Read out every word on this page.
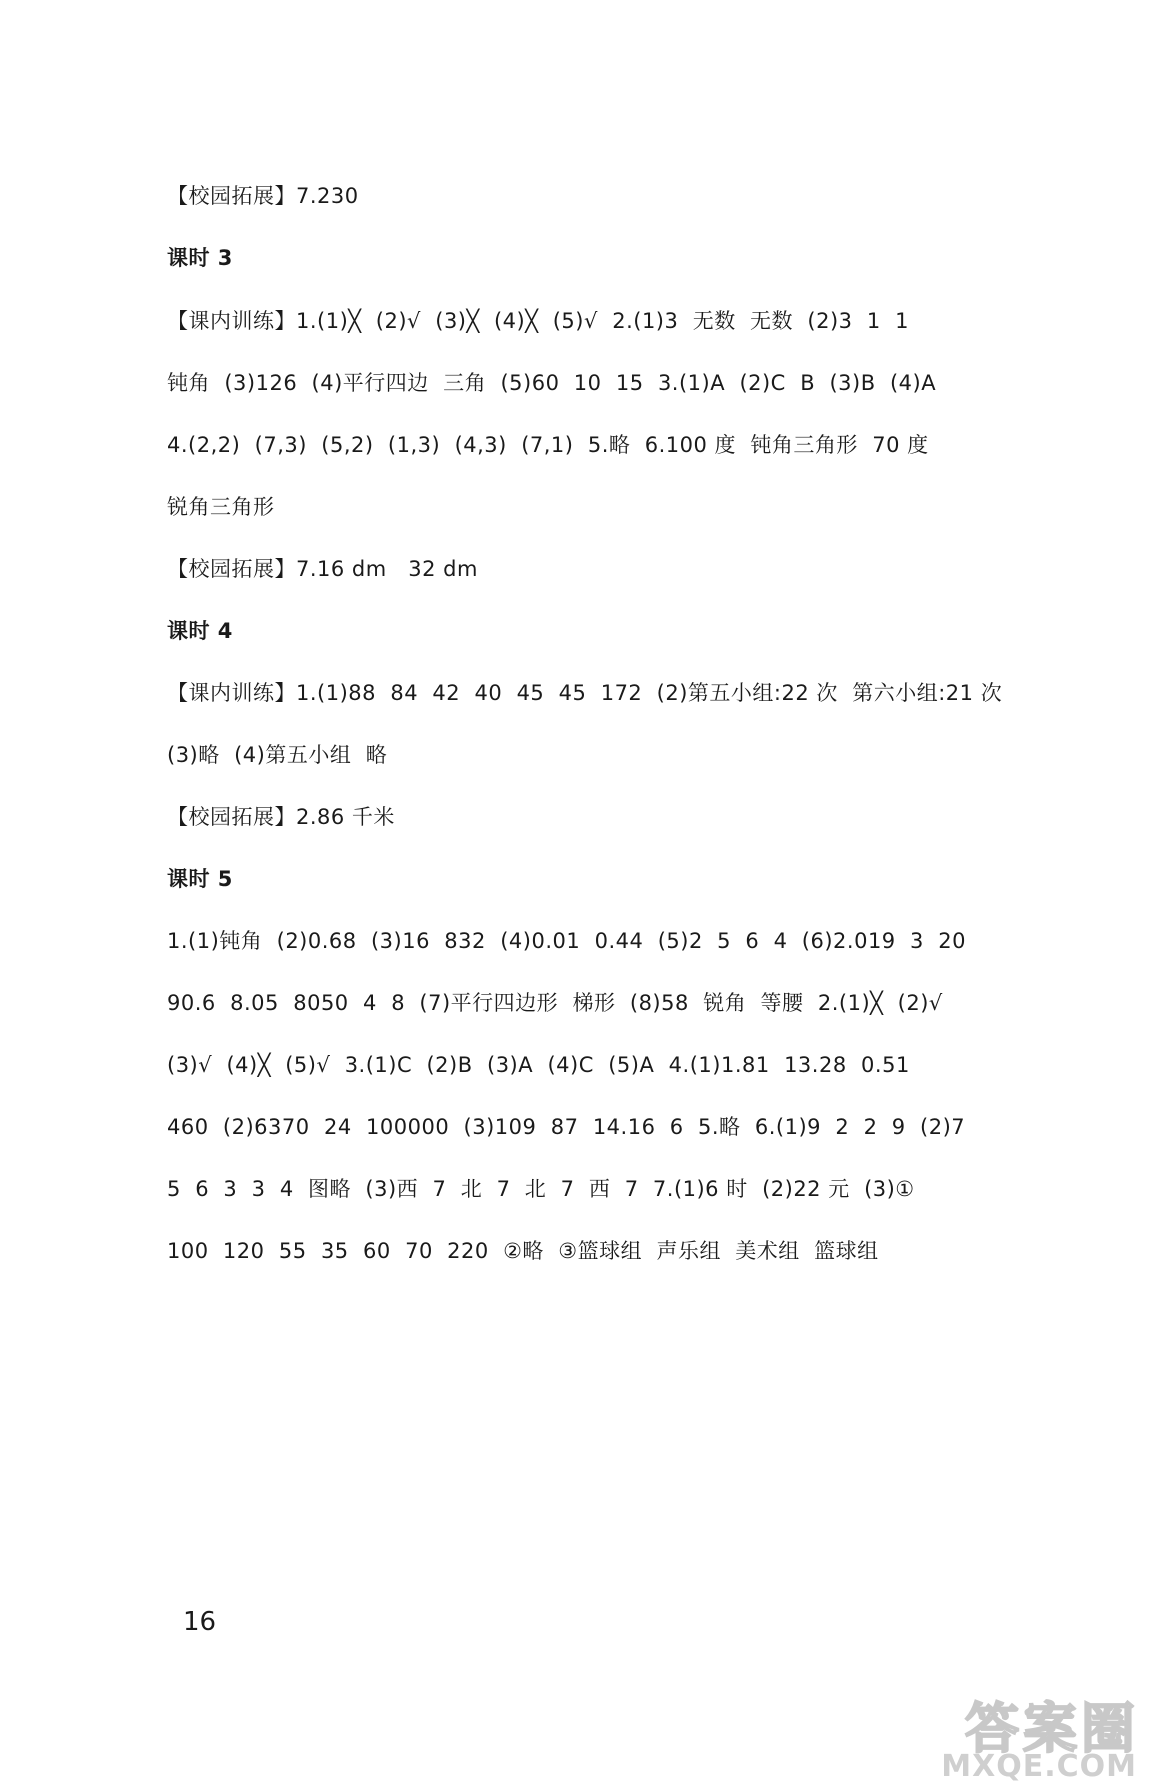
【校园拓展】7.230
课时 3
【课内训练】1.(1)╳  (2)√  (3)╳  (4)╳  (5)√  2.(1)3  无数  无数  (2)3  1  1
钝角  (3)126  (4)平行四边  三角  (5)60  10  15  3.(1)A  (2)C  B  (3)B  (4)A
4.(2,2)  (7,3)  (5,2)  (1,3)  (4,3)  (7,1)  5.略  6.100 度  钝角三角形  70 度
锐角三角形
【校园拓展】7.16 dm   32 dm
课时 4
【课内训练】1.(1)88  84  42  40  45  45  172  (2)第五小组:22 次  第六小组:21 次
(3)略  (4)第五小组  略
【校园拓展】2.86 千米
课时 5
1.(1)钝角  (2)0.68  (3)16  832  (4)0.01  0.44  (5)2  5  6  4  (6)2.019  3  20
90.6  8.05  8050  4  8  (7)平行四边形  梯形  (8)58  锐角  等腰  2.(1)╳  (2)√
(3)√  (4)╳  (5)√  3.(1)C  (2)B  (3)A  (4)C  (5)A  4.(1)1.81  13.28  0.51
460  (2)6370  24  100000  (3)109  87  14.16  6  5.略  6.(1)9  2  2  9  (2)7
5  6  3  3  4  图略  (3)西  7  北  7  北  7  西  7  7.(1)6 时  (2)22 元  (3)①
100  120  55  35  60  70  220  ②略  ③篮球组  声乐组  美术组  篮球组
16
答案圈
MXQE.COM
